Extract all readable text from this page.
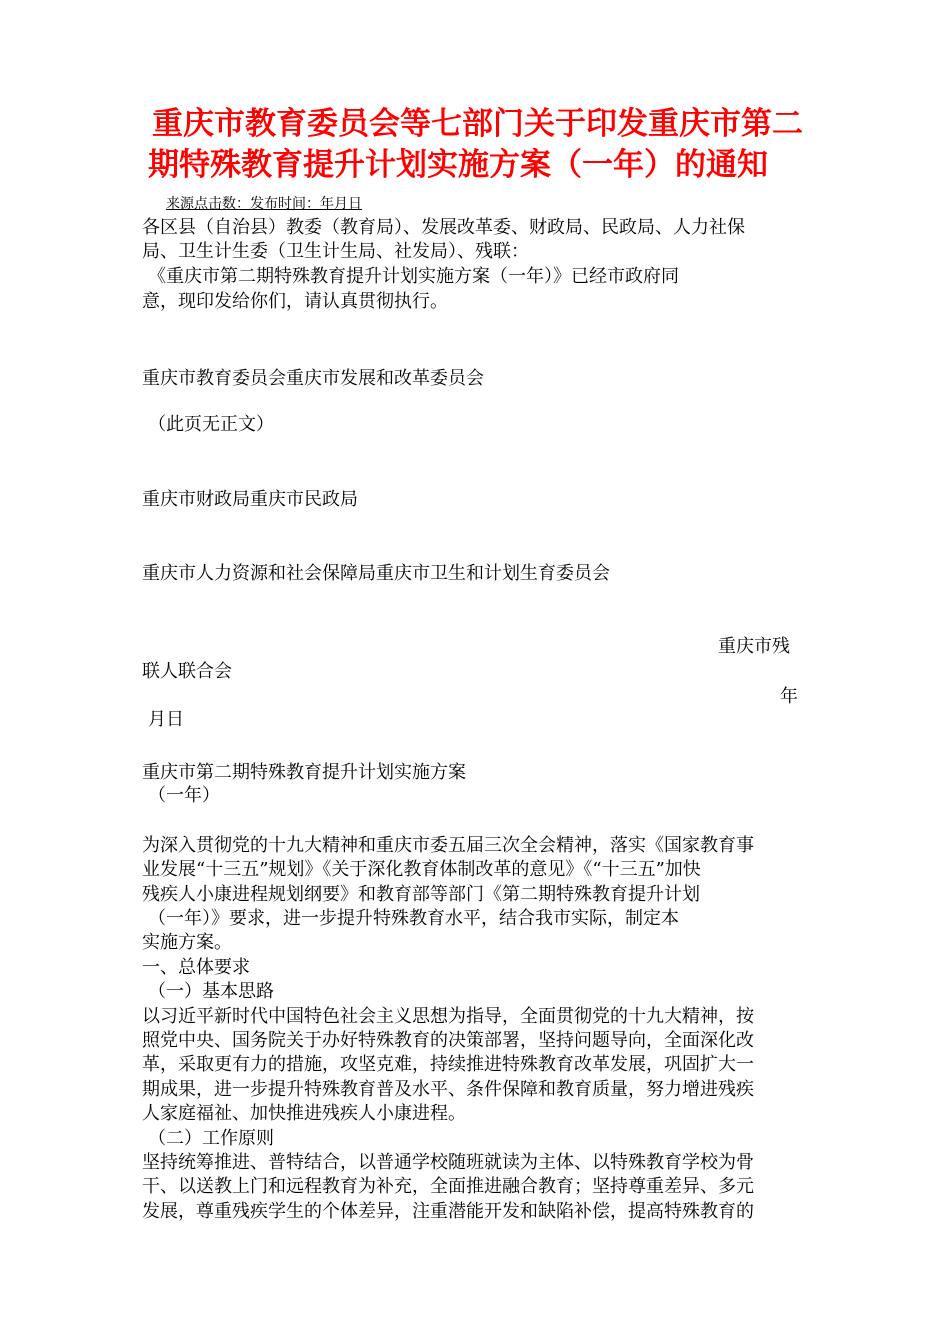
重庆市教育委员会等七部门关于印发重庆市第二
期特殊教育提升计划实施方案（一年）的通知
来源点击数：发布时间：年月日
各区县（自治县）教委（教育局）、发展改革委、财政局、民政局、人力社保
局、卫生计生委（卫生计生局、社发局）、残联：
《重庆市第二期特殊教育提升计划实施方案（一年）》已经市政府同
意，现印发给你们，请认真贯彻执行。
重庆市教育委员会重庆市发展和改革委员会
（此页无正文）
重庆市财政局重庆市民政局
重庆市人力资源和社会保障局重庆市卫生和计划生育委员会
重庆市残
联人联合会
年
月日
重庆市第二期特殊教育提升计划实施方案
（一年）
为深入贯彻党的十九大精神和重庆市委五届三次全会精神，落实《国家教育事
业发展“十三五”规划》《关于深化教育体制改革的意见》《“十三五”加快
残疾人小康进程规划纲要》和教育部等部门《第二期特殊教育提升计划
（一年）》要求，进一步提升特殊教育水平，结合我市实际，制定本
实施方案。
一、总体要求
（一）基本思路
以习近平新时代中国特色社会主义思想为指导，全面贯彻党的十九大精神，按
照党中央、国务院关于办好特殊教育的决策部署，坚持问题导向，全面深化改
革，采取更有力的措施，攻坚克难，持续推进特殊教育改革发展，巩固扩大一
期成果，进一步提升特殊教育普及水平、条件保障和教育质量，努力增进残疾
人家庭福祉、加快推进残疾人小康进程。
（二）工作原则
坚持统筹推进、普特结合，以普通学校随班就读为主体、以特殊教育学校为骨
干、以送教上门和远程教育为补充，全面推进融合教育；坚持尊重差异、多元
发展，尊重残疾学生的个体差异，注重潜能开发和缺陷补偿，提高特殊教育的
